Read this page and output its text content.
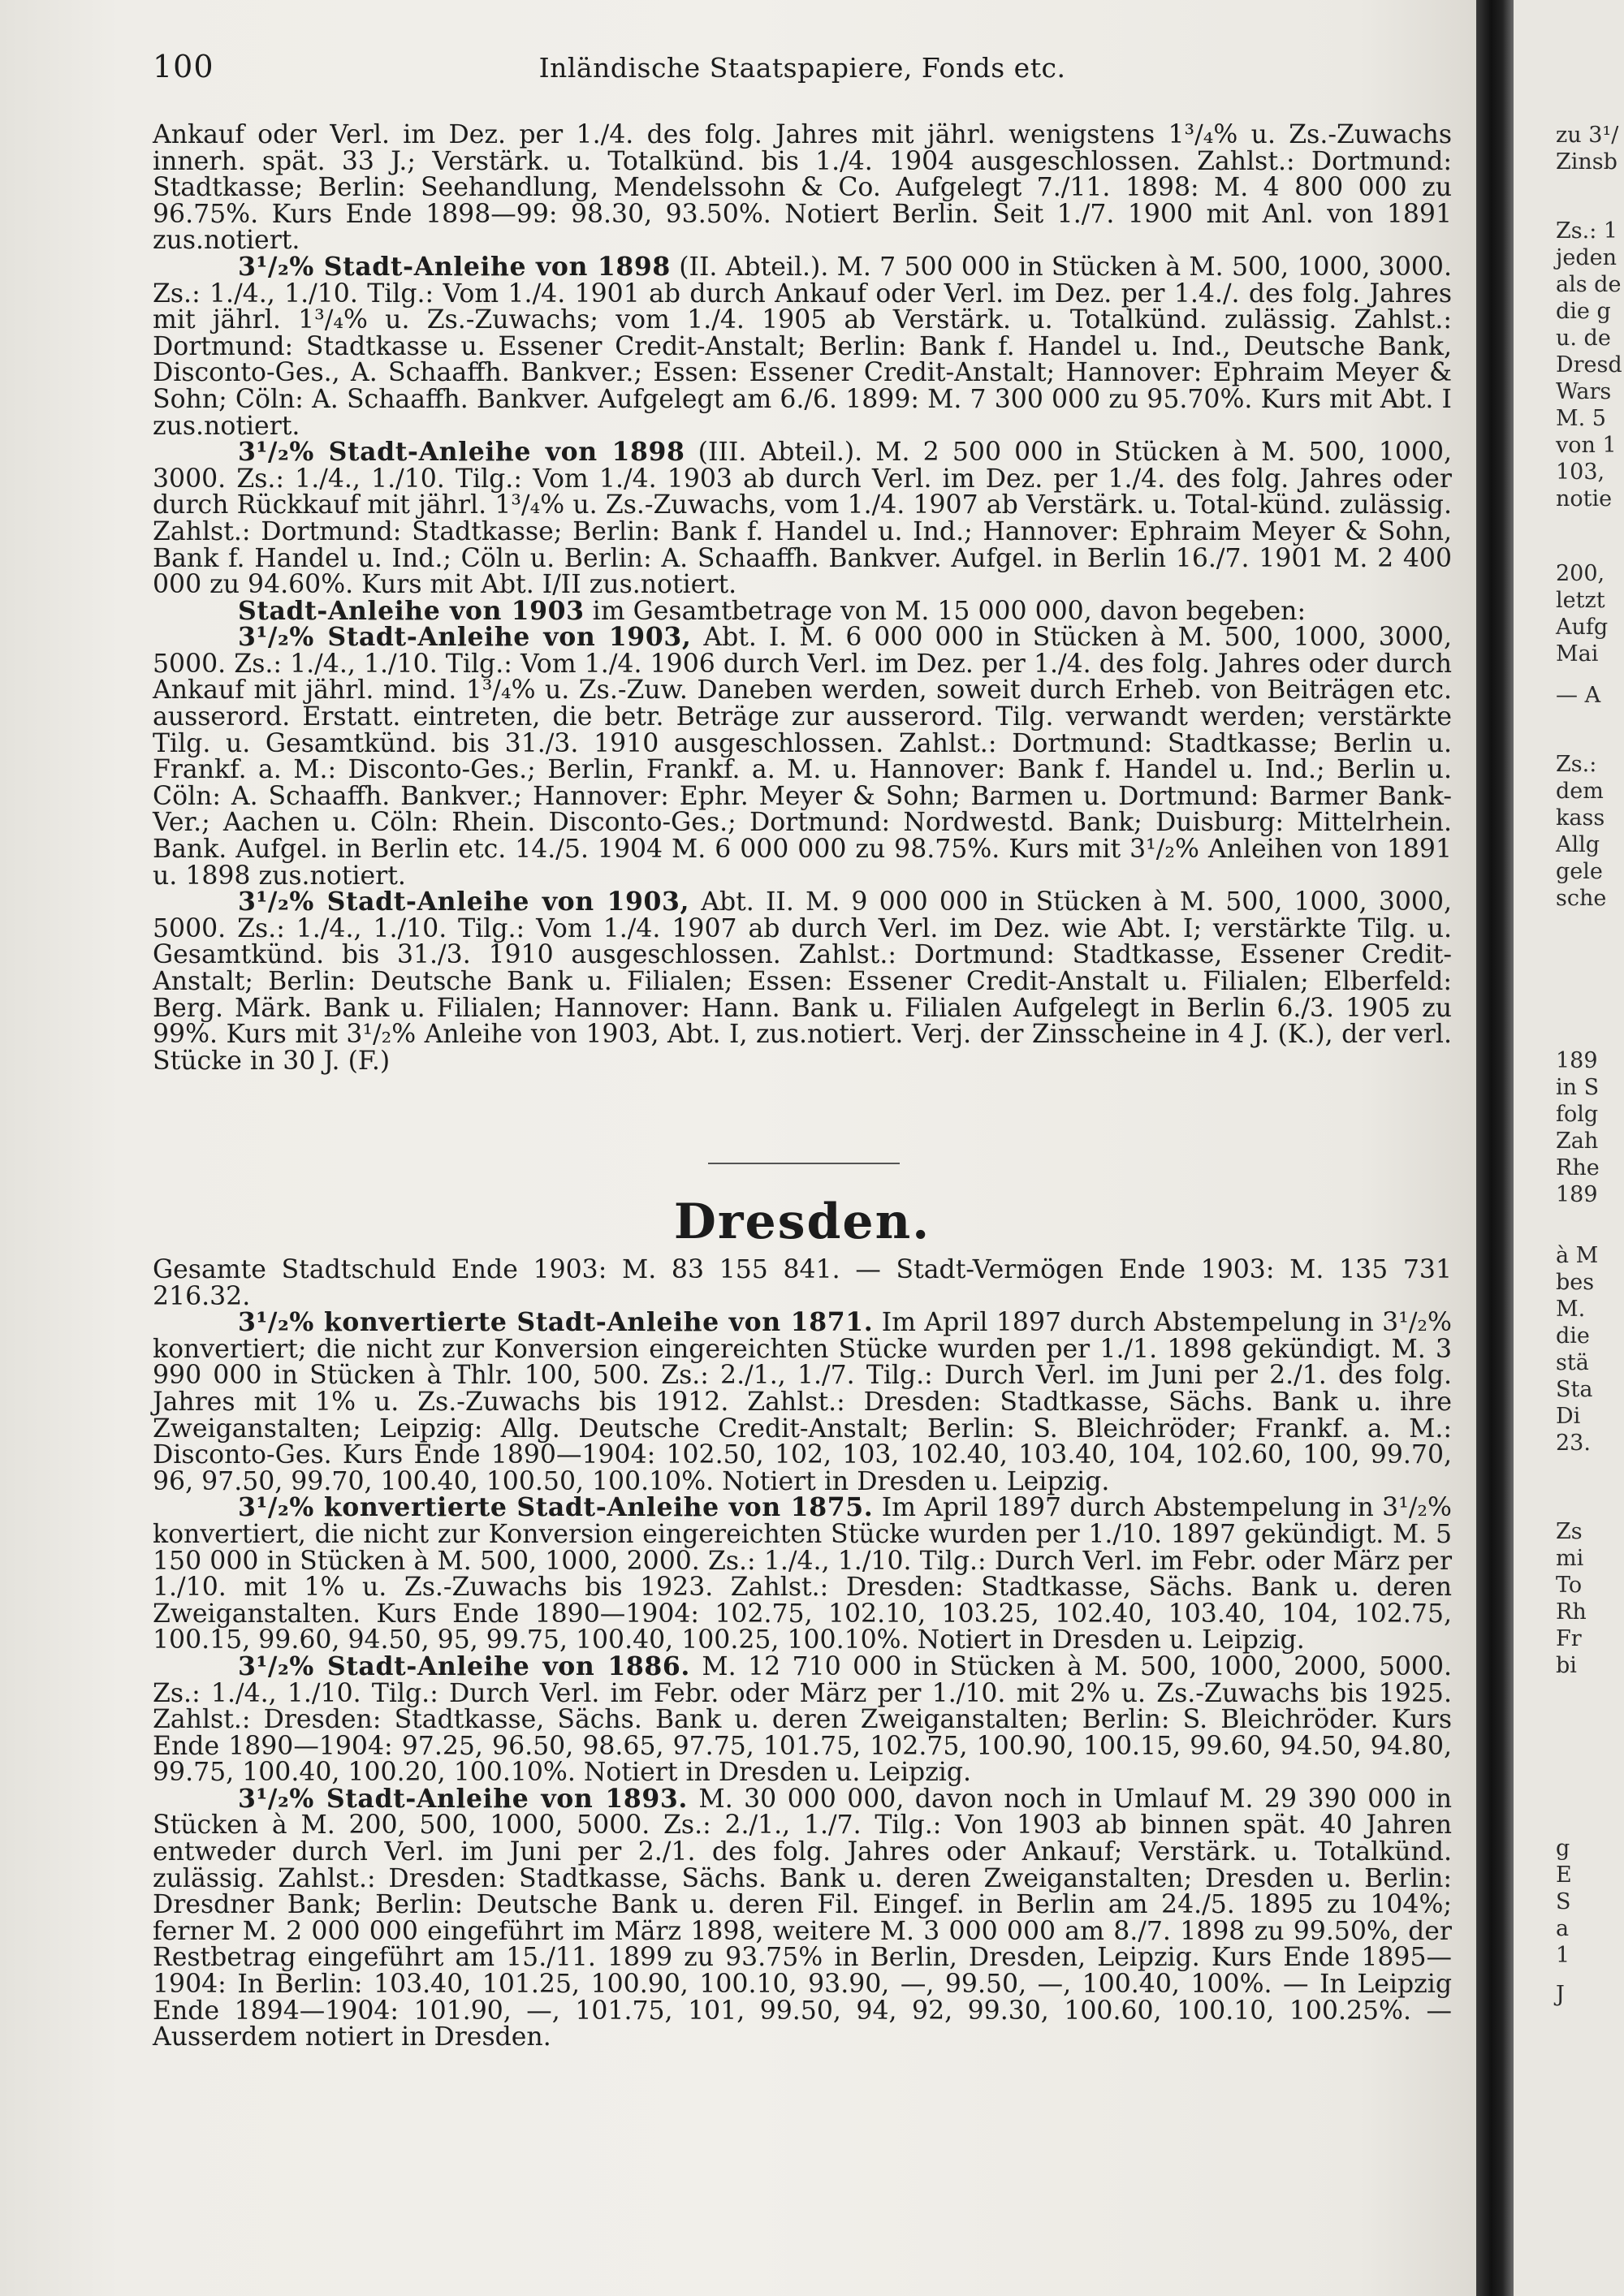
100	Inländische Staatspapiere, Fonds etc.

Ankauf oder Verl. im Dez. per 1./4. des folg. Jahres mit jährl. wenigstens 1³/₄% u. Zs.-Zuwachs innerh. spät. 33 J.; Verstärk. u. Totalkünd. bis 1./4. 1904 ausgeschlossen. Zahlst.: Dortmund: Stadtkasse; Berlin: Seehandlung, Mendelssohn & Co. Aufgelegt 7./11. 1898: M. 4 800 000 zu 96.75%. Kurs Ende 1898—99: 98.30, 93.50%. Notiert Berlin. Seit 1./7. 1900 mit Anl. von 1891 zus.notiert.

3¹/₂% Stadt-Anleihe von 1898 (II. Abteil.). M. 7 500 000 in Stücken à M. 500, 1000, 3000. Zs.: 1./4., 1./10. Tilg.: Vom 1./4. 1901 ab durch Ankauf oder Verl. im Dez. per 1.4./. des folg. Jahres mit jährl. 1³/₄% u. Zs.-Zuwachs; vom 1./4. 1905 ab Verstärk. u. Totalkünd. zulässig. Zahlst.: Dortmund: Stadtkasse u. Essener Credit-Anstalt; Berlin: Bank f. Handel u. Ind., Deutsche Bank, Disconto-Ges., A. Schaaffh. Bankver.; Essen: Essener Credit-Anstalt; Hannover: Ephraim Meyer & Sohn; Cöln: A. Schaaffh. Bankver. Aufgelegt am 6./6. 1899: M. 7 300 000 zu 95.70%. Kurs mit Abt. I zus.notiert.

3¹/₂% Stadt-Anleihe von 1898 (III. Abteil.). M. 2 500 000 in Stücken à M. 500, 1000, 3000. Zs.: 1./4., 1./10. Tilg.: Vom 1./4. 1903 ab durch Verl. im Dez. per 1./4. des folg. Jahres oder durch Rückkauf mit jährl. 1³/₄% u. Zs.-Zuwachs, vom 1./4. 1907 ab Verstärk. u. Total-künd. zulässig. Zahlst.: Dortmund: Stadtkasse; Berlin: Bank f. Handel u. Ind.; Hannover: Ephraim Meyer & Sohn, Bank f. Handel u. Ind.; Cöln u. Berlin: A. Schaaffh. Bankver. Aufgel. in Berlin 16./7. 1901 M. 2 400 000 zu 94.60%. Kurs mit Abt. I/II zus.notiert.

Stadt-Anleihe von 1903 im Gesamtbetrage von M. 15 000 000, davon begeben:

3¹/₂% Stadt-Anleihe von 1903, Abt. I. M. 6 000 000 in Stücken à M. 500, 1000, 3000, 5000. Zs.: 1./4., 1./10. Tilg.: Vom 1./4. 1906 durch Verl. im Dez. per 1./4. des folg. Jahres oder durch Ankauf mit jährl. mind. 1³/₄% u. Zs.-Zuw. Daneben werden, soweit durch Erheb. von Beiträgen etc. ausserord. Erstatt. eintreten, die betr. Beträge zur ausserord. Tilg. verwandt werden; verstärkte Tilg. u. Gesamtkünd. bis 31./3. 1910 ausgeschlossen. Zahlst.: Dortmund: Stadtkasse; Berlin u. Frankf. a. M.: Disconto-Ges.; Berlin, Frankf. a. M. u. Hannover: Bank f. Handel u. Ind.; Berlin u. Cöln: A. Schaaffh. Bankver.; Hannover: Ephr. Meyer & Sohn; Barmen u. Dortmund: Barmer Bank-Ver.; Aachen u. Cöln: Rhein. Disconto-Ges.; Dortmund: Nordwestd. Bank; Duisburg: Mittelrhein. Bank. Aufgel. in Berlin etc. 14./5. 1904 M. 6 000 000 zu 98.75%. Kurs mit 3¹/₂% Anleihen von 1891 u. 1898 zus.notiert.

3¹/₂% Stadt-Anleihe von 1903, Abt. II. M. 9 000 000 in Stücken à M. 500, 1000, 3000, 5000. Zs.: 1./4., 1./10. Tilg.: Vom 1./4. 1907 ab durch Verl. im Dez. wie Abt. I; verstärkte Tilg. u. Gesamtkünd. bis 31./3. 1910 ausgeschlossen. Zahlst.: Dortmund: Stadtkasse, Essener Credit-Anstalt; Berlin: Deutsche Bank u. Filialen; Essen: Essener Credit-Anstalt u. Filialen; Elberfeld: Berg. Märk. Bank u. Filialen; Hannover: Hann. Bank u. Filialen Aufgelegt in Berlin 6./3. 1905 zu 99%. Kurs mit 3¹/₂% Anleihe von 1903, Abt. I, zus.notiert. Verj. der Zinsscheine in 4 J. (K.), der verl. Stücke in 30 J. (F.)

Dresden.

Gesamte Stadtschuld Ende 1903: M. 83 155 841. — Stadt-Vermögen Ende 1903: M. 135 731 216.32.

3¹/₂% konvertierte Stadt-Anleihe von 1871. Im April 1897 durch Abstempelung in 3¹/₂% konvertiert; die nicht zur Konversion eingereichten Stücke wurden per 1./1. 1898 gekündigt. M. 3 990 000 in Stücken à Thlr. 100, 500. Zs.: 2./1., 1./7. Tilg.: Durch Verl. im Juni per 2./1. des folg. Jahres mit 1% u. Zs.-Zuwachs bis 1912. Zahlst.: Dresden: Stadtkasse, Sächs. Bank u. ihre Zweiganstalten; Leipzig: Allg. Deutsche Credit-Anstalt; Berlin: S. Bleichröder; Frankf. a. M.: Disconto-Ges. Kurs Ende 1890—1904: 102.50, 102, 103, 102.40, 103.40, 104, 102.60, 100, 99.70, 96, 97.50, 99.70, 100.40, 100.50, 100.10%. Notiert in Dresden u. Leipzig.

3¹/₂% konvertierte Stadt-Anleihe von 1875. Im April 1897 durch Abstempelung in 3¹/₂% konvertiert, die nicht zur Konversion eingereichten Stücke wurden per 1./10. 1897 gekündigt. M. 5 150 000 in Stücken à M. 500, 1000, 2000. Zs.: 1./4., 1./10. Tilg.: Durch Verl. im Febr. oder März per 1./10. mit 1% u. Zs.-Zuwachs bis 1923. Zahlst.: Dresden: Stadtkasse, Sächs. Bank u. deren Zweiganstalten. Kurs Ende 1890—1904: 102.75, 102.10, 103.25, 102.40, 103.40, 104, 102.75, 100.15, 99.60, 94.50, 95, 99.75, 100.40, 100.25, 100.10%. Notiert in Dresden u. Leipzig.

3¹/₂% Stadt-Anleihe von 1886. M. 12 710 000 in Stücken à M. 500, 1000, 2000, 5000. Zs.: 1./4., 1./10. Tilg.: Durch Verl. im Febr. oder März per 1./10. mit 2% u. Zs.-Zuwachs bis 1925. Zahlst.: Dresden: Stadtkasse, Sächs. Bank u. deren Zweiganstalten; Berlin: S. Bleichröder. Kurs Ende 1890—1904: 97.25, 96.50, 98.65, 97.75, 101.75, 102.75, 100.90, 100.15, 99.60, 94.50, 94.80, 99.75, 100.40, 100.20, 100.10%. Notiert in Dresden u. Leipzig.

3¹/₂% Stadt-Anleihe von 1893. M. 30 000 000, davon noch in Umlauf M. 29 390 000 in Stücken à M. 200, 500, 1000, 5000. Zs.: 2./1., 1./7. Tilg.: Von 1903 ab binnen spät. 40 Jahren entweder durch Verl. im Juni per 2./1. des folg. Jahres oder Ankauf; Verstärk. u. Totalkünd. zulässig. Zahlst.: Dresden: Stadtkasse, Sächs. Bank u. deren Zweiganstalten; Dresden u. Berlin: Dresdner Bank; Berlin: Deutsche Bank u. deren Fil. Eingef. in Berlin am 24./5. 1895 zu 104%; ferner M. 2 000 000 eingeführt im März 1898, weitere M. 3 000 000 am 8./7. 1898 zu 99.50%, der Restbetrag eingeführt am 15./11. 1899 zu 93.75% in Berlin, Dresden, Leipzig. Kurs Ende 1895—1904: In Berlin: 103.40, 101.25, 100.90, 100.10, 93.90, —, 99.50, —, 100.40, 100%. — In Leipzig Ende 1894—1904: 101.90, —, 101.75, 101, 99.50, 94, 92, 99.30, 100.60, 100.10, 100.25%. — Ausserdem notiert in Dresden.

zu 3¹/
Zinsb
Zs.: 1
jeden
als de
die g
u. de
Dresd
Wars
M. 5
von 1
103,
notie
200,
letzt
Aufg
Mai
— A
Zs.:
dem
kass
Allg
gele
sche
189
in S
folg
Zah
Rhe
189
à M
bes
M.
die
stä
Sta
Di
23.
Zs
mi
To
Rh
Fr
bi
g
E
S
a
1
J
